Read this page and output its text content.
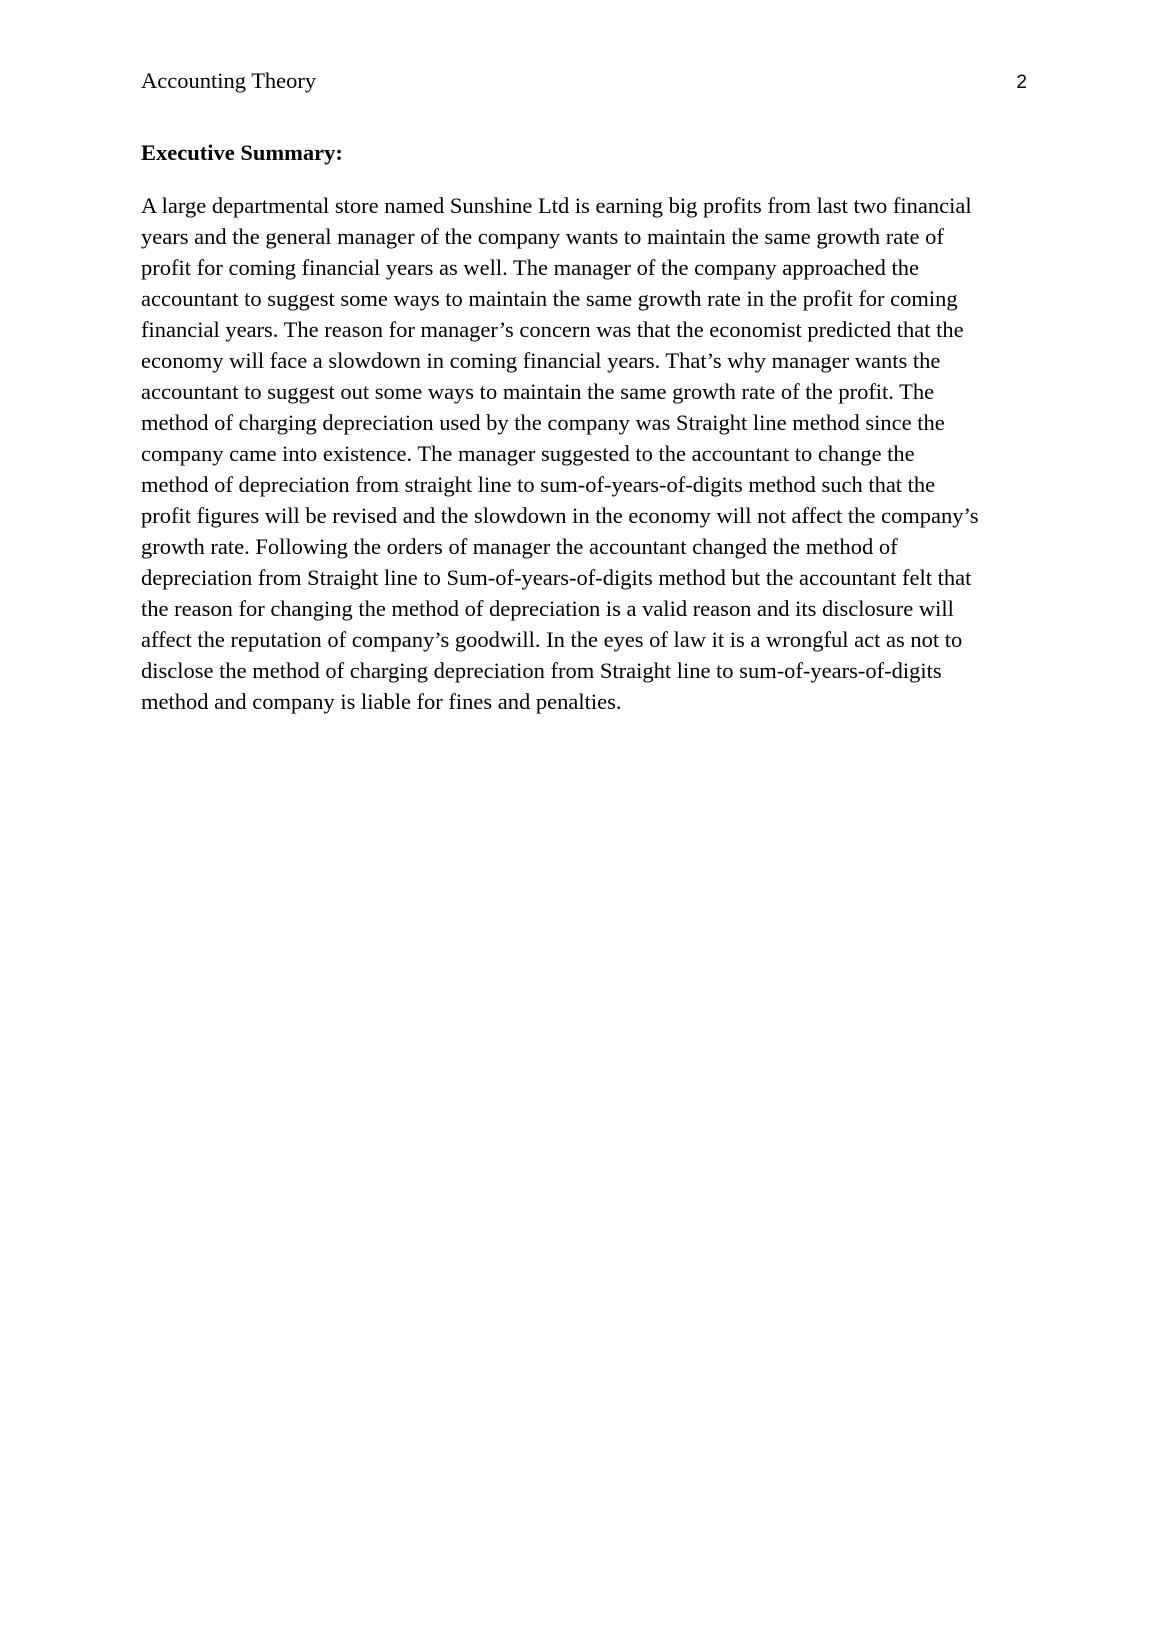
Accounting Theory	2
Executive Summary:

A large departmental store named Sunshine Ltd is earning big profits from last two financial
years and the general manager of the company wants to maintain the same growth rate of
profit for coming financial years as well. The manager of the company approached the
accountant to suggest some ways to maintain the same growth rate in the profit for coming
financial years. The reason for manager’s concern was that the economist predicted that the
economy will face a slowdown in coming financial years. That’s why manager wants the
accountant to suggest out some ways to maintain the same growth rate of the profit. The
method of charging depreciation used by the company was Straight line method since the
company came into existence. The manager suggested to the accountant to change the
method of depreciation from straight line to sum-of-years-of-digits method such that the
profit figures will be revised and the slowdown in the economy will not affect the company’s
growth rate. Following the orders of manager the accountant changed the method of
depreciation from Straight line to Sum-of-years-of-digits method but the accountant felt that
the reason for changing the method of depreciation is a valid reason and its disclosure will
affect the reputation of company’s goodwill. In the eyes of law it is a wrongful act as not to
disclose the method of charging depreciation from Straight line to sum-of-years-of-digits
method and company is liable for fines and penalties.
